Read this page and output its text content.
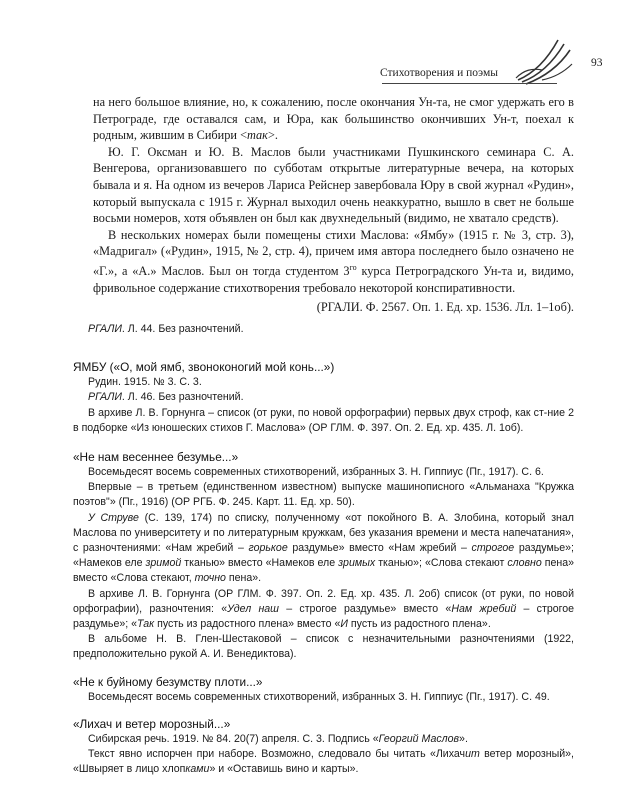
Стихотворения и поэмы
93

на него большое влияние, но, к сожалению, после окончания Ун-та, не смог удержать его в Петрограде, где оставался сам, и Юра, как большинство окончивших Ун-т, поехал к родным, жившим в Сибири <так>.

Ю. Г. Оксман и Ю. В. Маслов были участниками Пушкинского семинара С. А. Венгерова, организовавшего по субботам открытые литературные вечера, на которых бывала и я. На одном из вечеров Лариса Рейснер завербовала Юру в свой журнал «Рудин», который выпускала с 1915 г. Журнал выходил очень неаккуратно, вышло в свет не больше восьми номеров, хотя объявлен он был как двухнедельный (видимо, не хватало средств).

В нескольких номерах были помещены стихи Маслова: «Ямбу» (1915 г. № 3, стр. 3), «Мадригал» («Рудин», 1915, № 2, стр. 4), причем имя автора последнего было означено не «Г.», а «А.» Маслов. Был он тогда студентом $3^{го}$ курса Петроградского Ун-та и, видимо, фривольное содержание стихотворения требовало некоторой конспиративности.

(РГАЛИ. Ф. 2567. Оп. 1. Ед. хр. 1536. Лл. 1–1об).

РГАЛИ. Л. 44. Без разночтений.

ЯМБУ («О, мой ямб, звоноконогий мой конь...»)

Рудин. 1915. № 3. С. 3.

РГАЛИ. Л. 46. Без разночтений.

В архиве Л. В. Горнунга – список (от руки, по новой орфографии) первых двух строф, как ст-ние 2 в подборке «Из юношеских стихов Г. Маслова» (ОР ГЛМ. Ф. 397. Оп. 2. Ед. хр. 435. Л. 1об).

«Не нам весеннее безумье...»

Восемьдесят восемь современных стихотворений, избранных З. Н. Гиппиус (Пг., 1917). С. 6.

Впервые – в третьем (единственном известном) выпуске машинописного «Альманаха "Кружка поэтов"» (Пг., 1916) (ОР РГБ. Ф. 245. Карт. 11. Ед. хр. 50).

У Струве (С. 139, 174) по списку, полученному «от покойного В. А. Злобина, который знал Маслова по университету и по литературным кружкам, без указания времени и места напечатания», с разночтениями: «Нам жребий – горькое раздумье» вместо «Нам жребий – строгое раздумье»; «Намеков еле зримой тканью» вместо «Намеков еле зримых тканью»; «Слова стекают словно пена» вместо «Слова стекают, точно пена».

В архиве Л. В. Горнунга (ОР ГЛМ. Ф. 397. Оп. 2. Ед. хр. 435. Л. 2об) список (от руки, по новой орфографии), разночтения: «Удел наш – строгое раздумье» вместо «Нам жребий – строгое раздумье»; «Так пусть из радостного плена» вместо «И пусть из радостного плена».

В альбоме Н. В. Глен-Шестаковой – список с незначительными разночтениями (1922, предположительно рукой А. И. Венедиктова).

«Не к буйному безумству плоти...»

Восемьдесят восемь современных стихотворений, избранных З. Н. Гиппиус (Пг., 1917). С. 49.

«Лихач и ветер морозный...»

Сибирская речь. 1919. № 84. 20(7) апреля. С. 3. Подпись «Георгий Маслов».

Текст явно испорчен при наборе. Возможно, следовало бы читать «Лихачит ветер морозный», «Швыряет в лицо хлопками» и «Оставишь вино и карты».
